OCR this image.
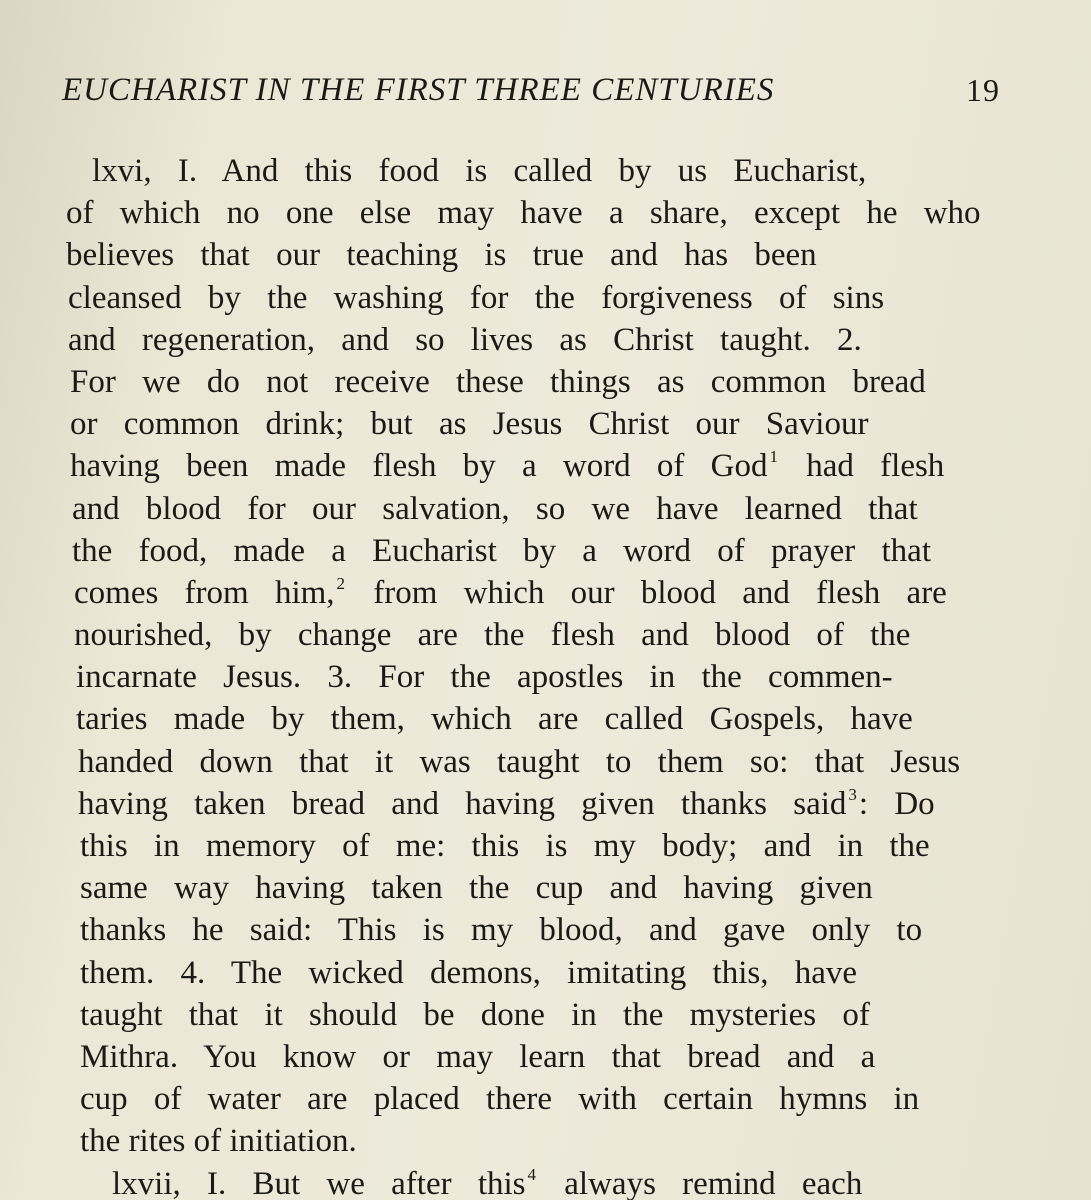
EUCHARIST IN THE FIRST THREE CENTURIES	19
lxvi, I. And this food is called by us Eucharist,
of which no one else may have a share, except he who
believes that our teaching is true and has been
cleansed by the washing for the forgiveness of sins
and regeneration, and so lives as Christ taught. 2.
For we do not receive these things as common bread
or common drink; but as Jesus Christ our Saviour
having been made flesh by a word of God $^1$ had flesh
and blood for our salvation, so we have learned that
the food, made a Eucharist by a word of prayer that
comes from him, $^2$ from which our blood and flesh are
nourished, by change are the flesh and blood of the
incarnate Jesus. 3. For the apostles in the commen-
taries made by them, which are called Gospels, have
handed down that it was taught to them so: that Jesus
having taken bread and having given thanks said $^3$: Do
this in memory of me: this is my body; and in the
same way having taken the cup and having given
thanks he said: This is my blood, and gave only to
them. 4. The wicked demons, imitating this, have
taught that it should be done in the mysteries of
Mithra. You know or may learn that bread and a
cup of water are placed there with certain hymns in
the rites of initiation.
lxvii, I. But we after this $^4$ always remind each
